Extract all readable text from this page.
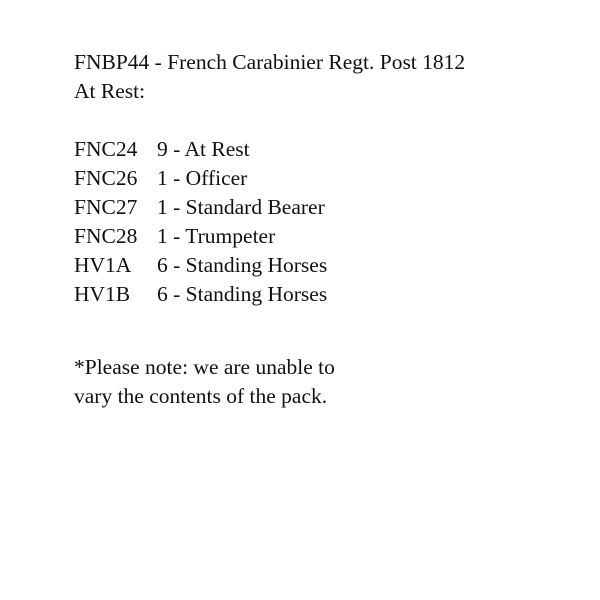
FNBP44 - French Carabinier Regt. Post 1812
At Rest:
FNC24 9 - At Rest
FNC26 1 - Officer
FNC27 1 - Standard Bearer
FNC28 1 - Trumpeter
HV1A	6 - Standing Horses
HV1B	6 - Standing Horses
*Please note: we are unable to
vary the contents of the pack.
